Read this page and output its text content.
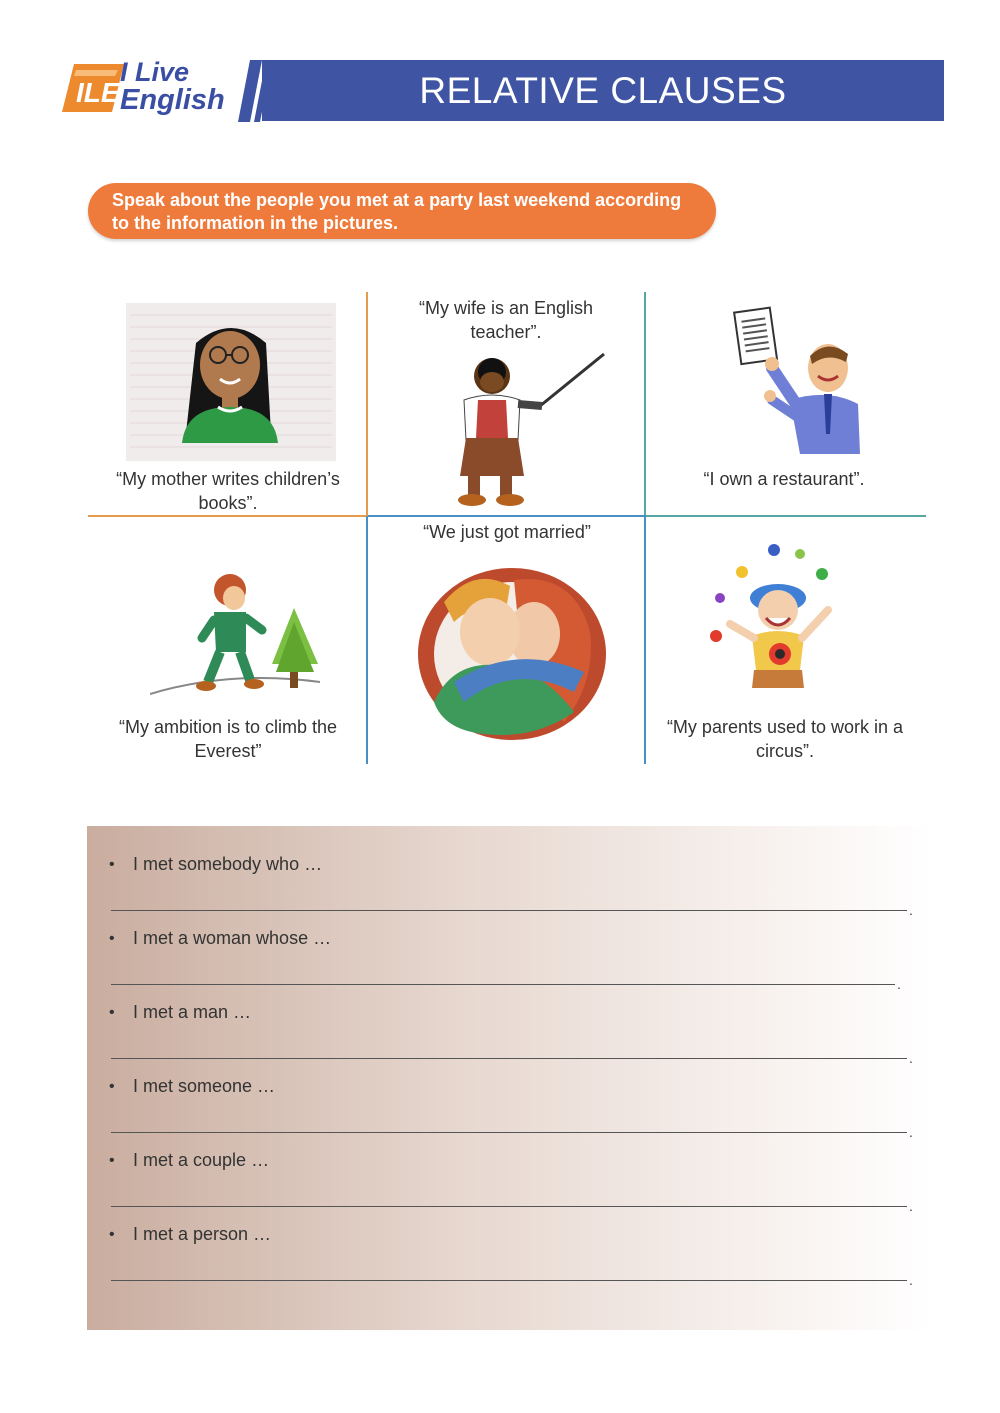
ILE
I Live
English	RELATIVE CLAUSES
Speak about the people you met at a party last weekend according to the information in the pictures.
“My mother writes children’s books”.
“My wife is an English teacher”.
“I own a restaurant”.
“My ambition is to climb the Everest”
“We just got married”
“My parents used to work in a circus”.
• I met somebody who …
.
• I met a woman whose …
.
• I met a man …
.
• I met someone …
.
• I met a couple …
.
• I met a person …
.
